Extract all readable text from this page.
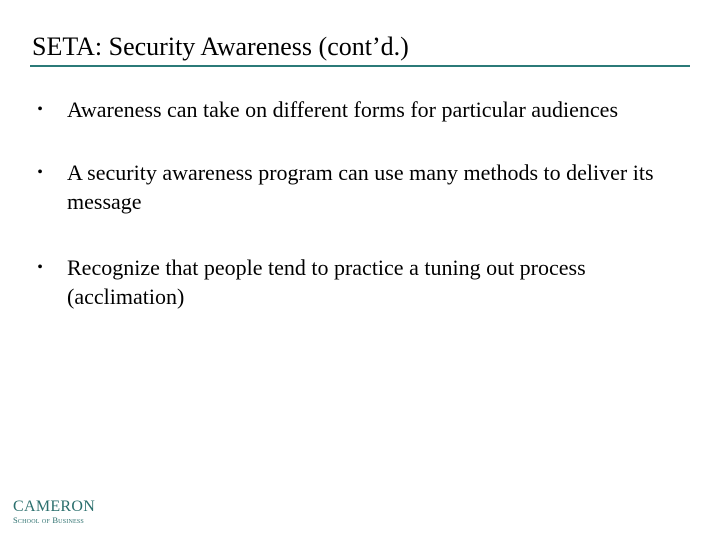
SETA: Security Awareness (cont’d.)
•	Awareness can take on different forms for particular audiences
•	A security awareness program can use many methods to deliver its message
•	Recognize that people tend to practice a tuning out process (acclimation)
CAMERON
School of Business
